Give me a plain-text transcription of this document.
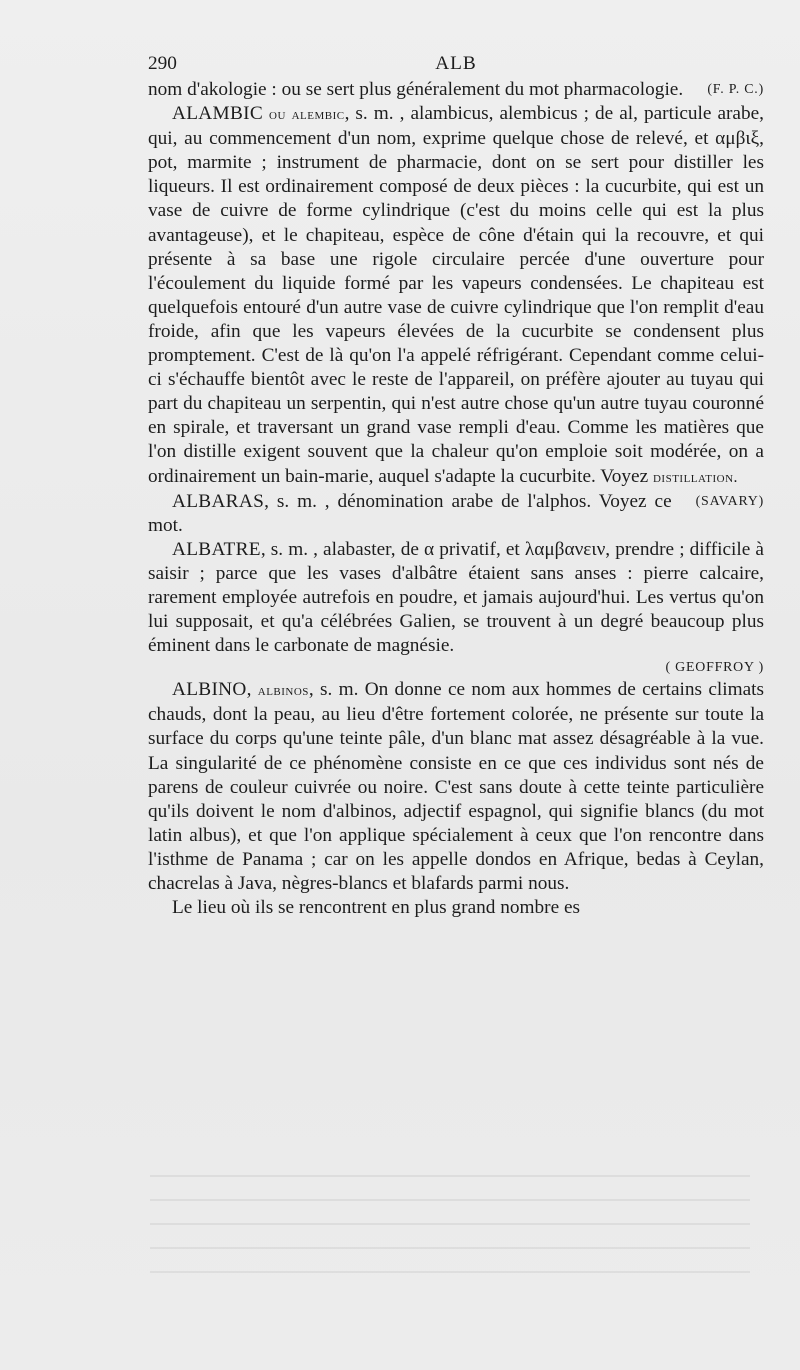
290	ALB

nom d'akologie : ou se sert plus généralement du mot pharmacologie. (F. P. C.)

ALAMBIC ou alembic, s. m. , alambicus, alembicus ; de al, particule arabe, qui, au commencement d'un nom, exprime quelque chose de relevé, et αμβιξ, pot, marmite ; instrument de pharmacie, dont on se sert pour distiller les liqueurs. Il est ordinairement composé de deux pièces : la cucurbite, qui est un vase de cuivre de forme cylindrique (c'est du moins celle qui est la plus avantageuse), et le chapiteau, espèce de cône d'étain qui la recouvre, et qui présente à sa base une rigole circulaire percée d'une ouverture pour l'écoulement du liquide formé par les vapeurs condensées. Le chapiteau est quelquefois entouré d'un autre vase de cuivre cylindrique que l'on remplit d'eau froide, afin que les vapeurs élevées de la cucurbite se condensent plus promptement. C'est de là qu'on l'a appelé réfrigérant. Cependant comme celui-ci s'échauffe bientôt avec le reste de l'appareil, on préfère ajouter au tuyau qui part du chapiteau un serpentin, qui n'est autre chose qu'un autre tuyau couronné en spirale, et traversant un grand vase rempli d'eau. Comme les matières que l'on distille exigent souvent que la chaleur qu'on emploie soit modérée, on a ordinairement un bain-marie, auquel s'adapte la cucurbite. Voyez distillation.
(SAVARY)

ALBARAS, s. m. , dénomination arabe de l'alphos. Voyez ce mot.

ALBATRE, s. m. , alabaster, de α privatif, et λαμβανειν, prendre ; difficile à saisir ; parce que les vases d'albâtre étaient sans anses : pierre calcaire, rarement employée autrefois en poudre, et jamais aujourd'hui. Les vertus qu'on lui supposait, et qu'a célébrées Galien, se trouvent à un degré beaucoup plus éminent dans le carbonate de magnésie.

( GEOFFROY )

ALBINO, albinos, s. m. On donne ce nom aux hommes de certains climats chauds, dont la peau, au lieu d'être fortement colorée, ne présente sur toute la surface du corps qu'une teinte pâle, d'un blanc mat assez désagréable à la vue. La singularité de ce phénomène consiste en ce que ces individus sont nés de parens de couleur cuivrée ou noire. C'est sans doute à cette teinte particulière qu'ils doivent le nom d'albinos, adjectif espagnol, qui signifie blancs (du mot latin albus), et que l'on applique spécialement à ceux que l'on rencontre dans l'isthme de Panama ; car on les appelle dondos en Afrique, bedas à Ceylan, chacrelas à Java, nègres-blancs et blafards parmi nous.

Le lieu où ils se rencontrent en plus grand nombre es
